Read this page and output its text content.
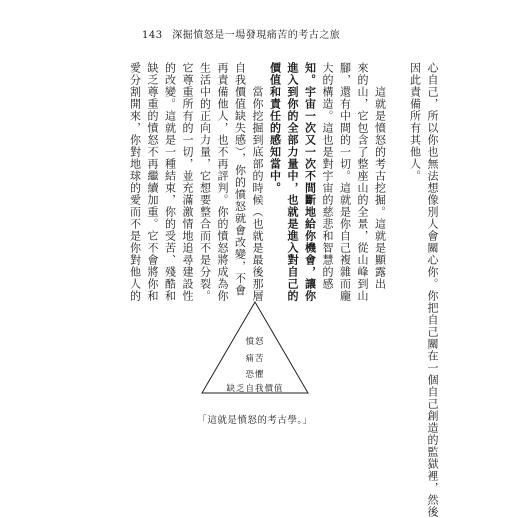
143 深掘憤怒是一場發現痛苦的考古之旅
心自己，所以你也無法想像別人會關心你。你把自己關在一個自己創造的監獄裡，然後
因此責備所有其他人。
　　這就是憤怒的考古挖掘。這就是顯露出
來的山，它包含了整座山的全景，從山峰到山
腳，還有中間的一切。這就是你自己複雜而龐
大的構造。這也是對宇宙的慈悲和智慧的感
知。宇宙一次又一次不間斷地給你機會，讓你
進入到你的全部力量中，也就是進入對自己的
價值和責任的感知當中。
　　當你挖掘到底部的時候（也就是最後那層
自我價值缺失感），你的憤怒就會改變，不會
再責備他人，也不再評判。你的憤怒將成為你
生活中的正向力量，它想要整合而不是分裂。
它尊重所有的一切，並充滿激情地追尋建設性
的改變。這就是一種結束，你的受苦、殘酷和
缺乏尊重的憤怒不再繼續加重。它不會將你和
愛分割開來，你對地球的愛而不是你對他人的
憤怒
痛苦
恐懼
缺乏自我價值
「這就是憤怒的考古學。」
